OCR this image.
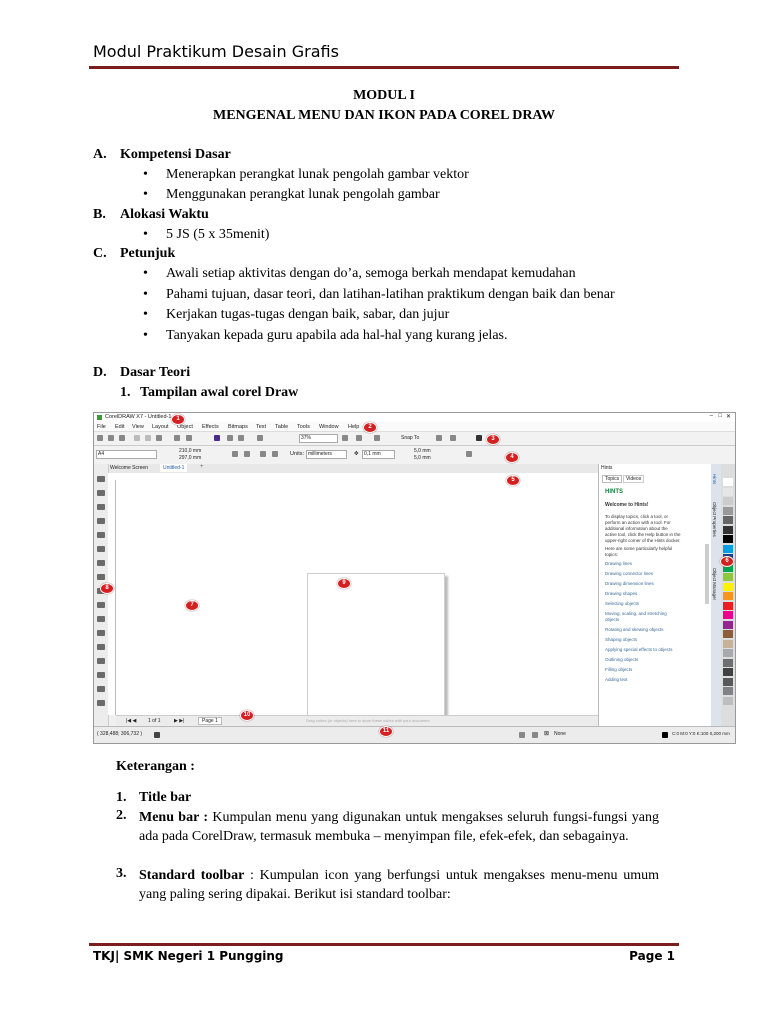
Modul Praktikum Desain Grafis
MODUL I
MENGENAL MENU DAN IKON PADA COREL DRAW
A. Kompetensi Dasar
• Menerapkan perangkat lunak pengolah gambar vektor
• Menggunakan perangkat lunak pengolah gambar
B. Alokasi Waktu
• 5 JS (5 x 35menit)
C. Petunjuk
• Awali setiap aktivitas dengan do’a, semoga berkah mendapat kemudahan
• Pahami tujuan, dasar teori, dan latihan-latihan praktikum dengan baik dan benar
• Kerjakan tugas-tugas dengan baik, sabar, dan jujur
• Tanyakan kepada guru apabila ada hal-hal yang kurang jelas.
D. Dasar Teori
1. Tampilan awal corel Draw
CorelDRAW X7 - Untitled-1	– □ ✕
File Edit View Layout Object Effects Bitmaps Text Table Tools Window Help
37%	Snap To
A4	210,0 mm
297,0 mm
Units: millimeters	✥	0,1 mm	5,0 mm
5,0 mm
Welcome Screen	Untitled-1	+
|◀ ◀ 1 of 1	▶ ▶|	Page 1	Drag colors (or objects) here to store these colors with your document
Hints
Topics	Videos
HINTS
Welcome to Hints!
To display topics, click a tool, or
perform an action with a tool. For
additional information about the
active tool, click the Help button in the
upper-right corner of the Hints docker.
Here are some particularly helpful
topics:
Drawing lines
Drawing connector lines
Drawing dimension lines
Drawing shapes
Selecting objects
Moving, scaling, and stretching
objects
Rotating and skewing objects
Shaping objects
Applying special effects to objects
Outlining objects
Filling objects
Adding text
Hints
Object Properties
Object Manager
( 328,488; 306,732 )	⊠ None	C:0 M:0 Y:0 K:100 0,200 mm
1
2
3
4
5
6
7
8
9
10
11
Keterangan :
1. Title bar
2. Menu bar : Kumpulan menu yang digunakan untuk mengakses seluruh fungsi-fungsi yang ada pada CorelDraw, termasuk membuka – menyimpan file, efek-efek, dan sebagainya.
3. Standard toolbar : Kumpulan icon yang berfungsi untuk mengakses menu-menu umum yang paling sering dipakai. Berikut isi standard toolbar:
TKJ| SMK Negeri 1 Pungging	Page 1
